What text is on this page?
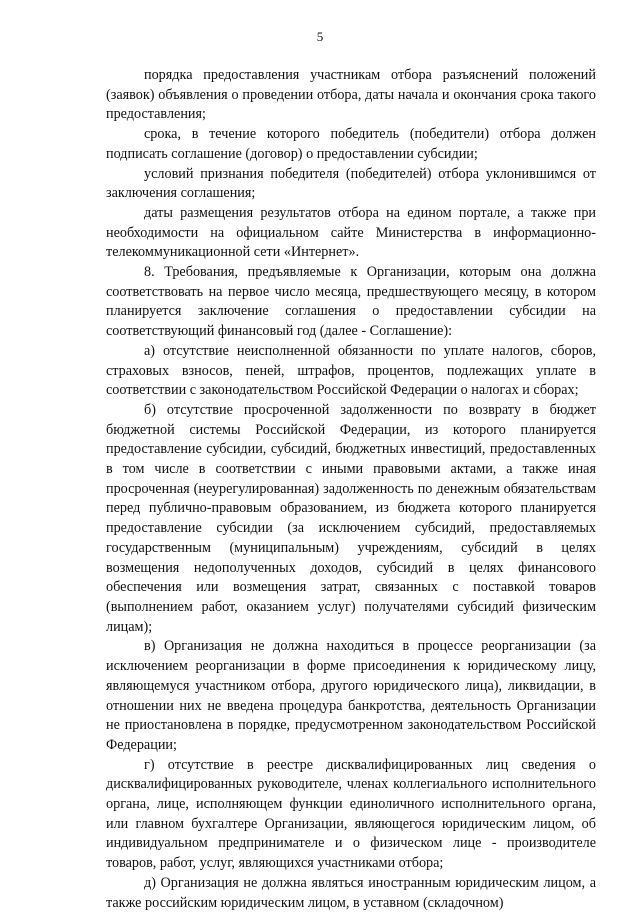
5

порядка предоставления участникам отбора разъяснений положений (заявок) объявления о проведении отбора, даты начала и окончания срока такого предоставления;

срока, в течение которого победитель (победители) отбора должен подписать соглашение (договор) о предоставлении субсидии;

условий признания победителя (победителей) отбора уклонившимся от заключения соглашения;

даты размещения результатов отбора на едином портале, а также при необходимости на официальном сайте Министерства в информационно-телекоммуникационной сети «Интернет».

8. Требования, предъявляемые к Организации, которым она должна соответствовать на первое число месяца, предшествующего месяцу, в котором планируется заключение соглашения о предоставлении субсидии на соответствующий финансовый год (далее - Соглашение):

а) отсутствие неисполненной обязанности по уплате налогов, сборов, страховых взносов, пеней, штрафов, процентов, подлежащих уплате в соответствии с законодательством Российской Федерации о налогах и сборах;

б) отсутствие просроченной задолженности по возврату в бюджет бюджетной системы Российской Федерации, из которого планируется предоставление субсидии, субсидий, бюджетных инвестиций, предоставленных в том числе в соответствии с иными правовыми актами, а также иная просроченная (неурегулированная) задолженность по денежным обязательствам перед публично-правовым образованием, из бюджета которого планируется предоставление субсидии (за исключением субсидий, предоставляемых государственным (муниципальным) учреждениям, субсидий в целях возмещения недополученных доходов, субсидий в целях финансового обеспечения или возмещения затрат, связанных с поставкой товаров (выполнением работ, оказанием услуг) получателями субсидий физическим лицам);

в) Организация не должна находиться в процессе реорганизации (за исключением реорганизации в форме присоединения к юридическому лицу, являющемуся участником отбора, другого юридического лица), ликвидации, в отношении них не введена процедура банкротства, деятельность Организации не приостановлена в порядке, предусмотренном законодательством Российской Федерации;

г) отсутствие в реестре дисквалифицированных лиц сведения о дисквалифицированных руководителе, членах коллегиального исполнительного органа, лице, исполняющем функции единоличного исполнительного органа, или главном бухгалтере Организации, являющегося юридическим лицом, об индивидуальном предпринимателе и о физическом лице - производителе товаров, работ, услуг, являющихся участниками отбора;

д) Организация не должна являться иностранным юридическим лицом, а также российским юридическим лицом, в уставном (складочном)
